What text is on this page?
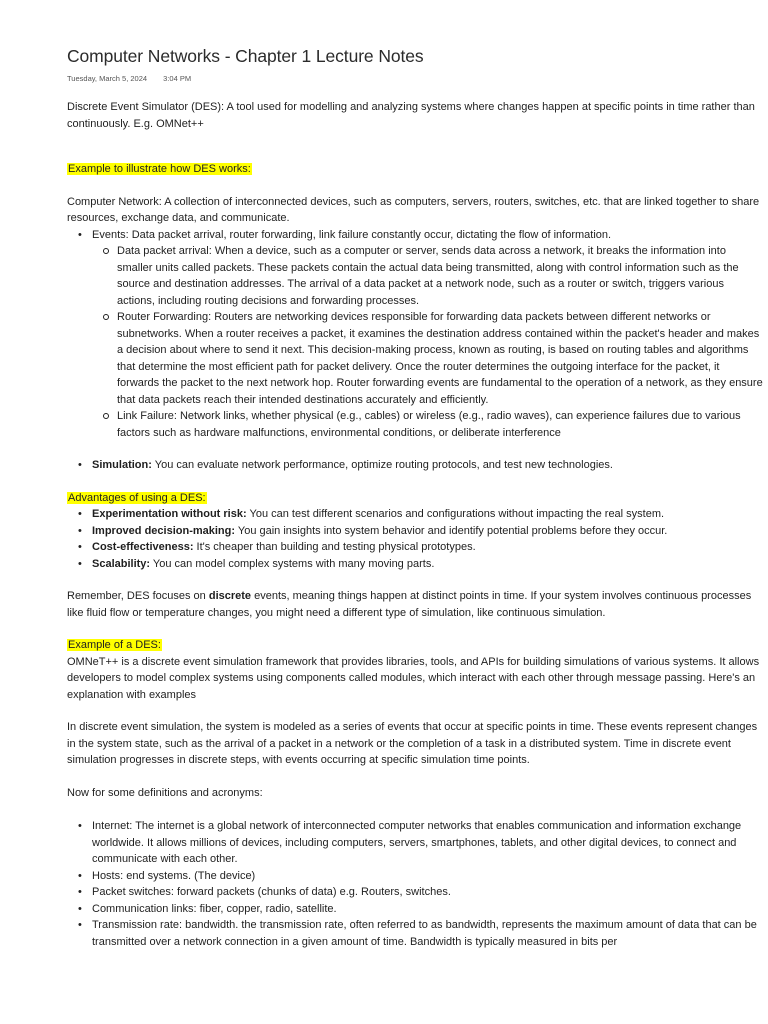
Computer Networks - Chapter 1 Lecture Notes
Tuesday, March 5, 2024 3:04 PM

Discrete Event Simulator (DES): A tool used for modelling and analyzing systems where changes happen at specific points in time rather than continuously. E.g. OMNet++

Example to illustrate how DES works:

Computer Network: A collection of interconnected devices, such as computers, servers, routers, switches, etc. that are linked together to share resources, exchange data, and communicate.

• Events: Data packet arrival, router forwarding, link failure constantly occur, dictating the flow of information.
Data packet arrival: When a device, such as a computer or server, sends data across a network, it breaks the information into smaller units called packets. These packets contain the actual data being transmitted, along with control information such as the source and destination addresses. The arrival of a data packet at a network node, such as a router or switch, triggers various actions, including routing decisions and forwarding processes.
Router Forwarding: Routers are networking devices responsible for forwarding data packets between different networks or subnetworks. When a router receives a packet, it examines the destination address contained within the packet's header and makes a decision about where to send it next. This decision-making process, known as routing, is based on routing tables and algorithms that determine the most efficient path for packet delivery. Once the router determines the outgoing interface for the packet, it forwards the packet to the next network hop. Router forwarding events are fundamental to the operation of a network, as they ensure that data packets reach their intended destinations accurately and efficiently.
Link Failure: Network links, whether physical (e.g., cables) or wireless (e.g., radio waves), can experience failures due to various factors such as hardware malfunctions, environmental conditions, or deliberate interference
• Simulation: You can evaluate network performance, optimize routing protocols, and test new technologies.

Advantages of using a DES:

• Experimentation without risk: You can test different scenarios and configurations without impacting the real system.
• Improved decision-making: You gain insights into system behavior and identify potential problems before they occur.
• Cost-effectiveness: It's cheaper than building and testing physical prototypes.
• Scalability: You can model complex systems with many moving parts.

Remember, DES focuses on discrete events, meaning things happen at distinct points in time. If your system involves continuous processes like fluid flow or temperature changes, you might need a different type of simulation, like continuous simulation.

Example of a DES:

OMNeT++ is a discrete event simulation framework that provides libraries, tools, and APIs for building simulations of various systems. It allows developers to model complex systems using components called modules, which interact with each other through message passing. Here's an explanation with examples

In discrete event simulation, the system is modeled as a series of events that occur at specific points in time. These events represent changes in the system state, such as the arrival of a packet in a network or the completion of a task in a distributed system. Time in discrete event simulation progresses in discrete steps, with events occurring at specific simulation time points.

Now for some definitions and acronyms:

• Internet: The internet is a global network of interconnected computer networks that enables communication and information exchange worldwide. It allows millions of devices, including computers, servers, smartphones, tablets, and other digital devices, to connect and communicate with each other.
• Hosts: end systems. (The device)
• Packet switches: forward packets (chunks of data) e.g. Routers, switches.
• Communication links: fiber, copper, radio, satellite.
• Transmission rate: bandwidth. the transmission rate, often referred to as bandwidth, represents the maximum amount of data that can be transmitted over a network connection in a given amount of time. Bandwidth is typically measured in bits per
